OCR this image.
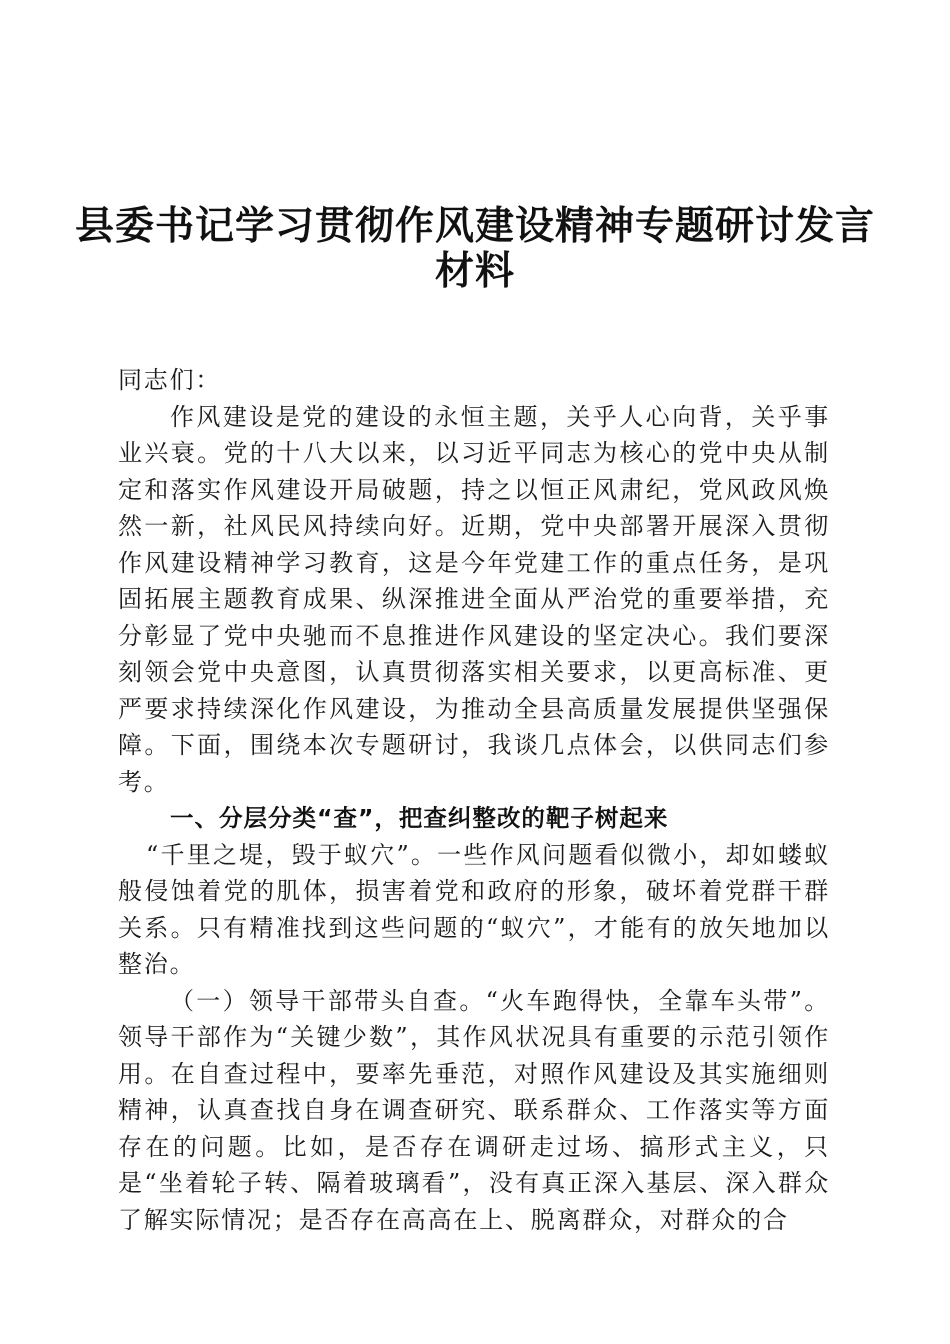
县委书记学习贯彻作风建设精神专题研讨发言
材料

同志们：

作风建设是党的建设的永恒主题，关乎人心向背，关乎事业兴衰。党的十八大以来，以习近平同志为核心的党中央从制定和落实作风建设开局破题，持之以恒正风肃纪，党风政风焕然一新，社风民风持续向好。近期，党中央部署开展深入贯彻作风建设精神学习教育，这是今年党建工作的重点任务，是巩固拓展主题教育成果、纵深推进全面从严治党的重要举措，充分彰显了党中央驰而不息推进作风建设的坚定决心。我们要深刻领会党中央意图，认真贯彻落实相关要求，以更高标准、更严要求持续深化作风建设，为推动全县高质量发展提供坚强保障。下面，围绕本次专题研讨，我谈几点体会，以供同志们参考。

一、分层分类“查”，把查纠整改的靶子树起来

“千里之堤，毁于蚁穴”。一些作风问题看似微小，却如蝼蚁般侵蚀着党的肌体，损害着党和政府的形象，破坏着党群干群关系。只有精准找到这些问题的“蚁穴”，才能有的放矢地加以整治。

（一）领导干部带头自查。“火车跑得快，全靠车头带”。领导干部作为“关键少数”，其作风状况具有重要的示范引领作用。在自查过程中，要率先垂范，对照作风建设及其实施细则精神，认真查找自身在调查研究、联系群众、工作落实等方面存在的问题。比如，是否存在调研走过场、搞形式主义，只是“坐着轮子转、隔着玻璃看”，没有真正深入基层、深入群众了解实际情况；是否存在高高在上、脱离群众，对群众的合
